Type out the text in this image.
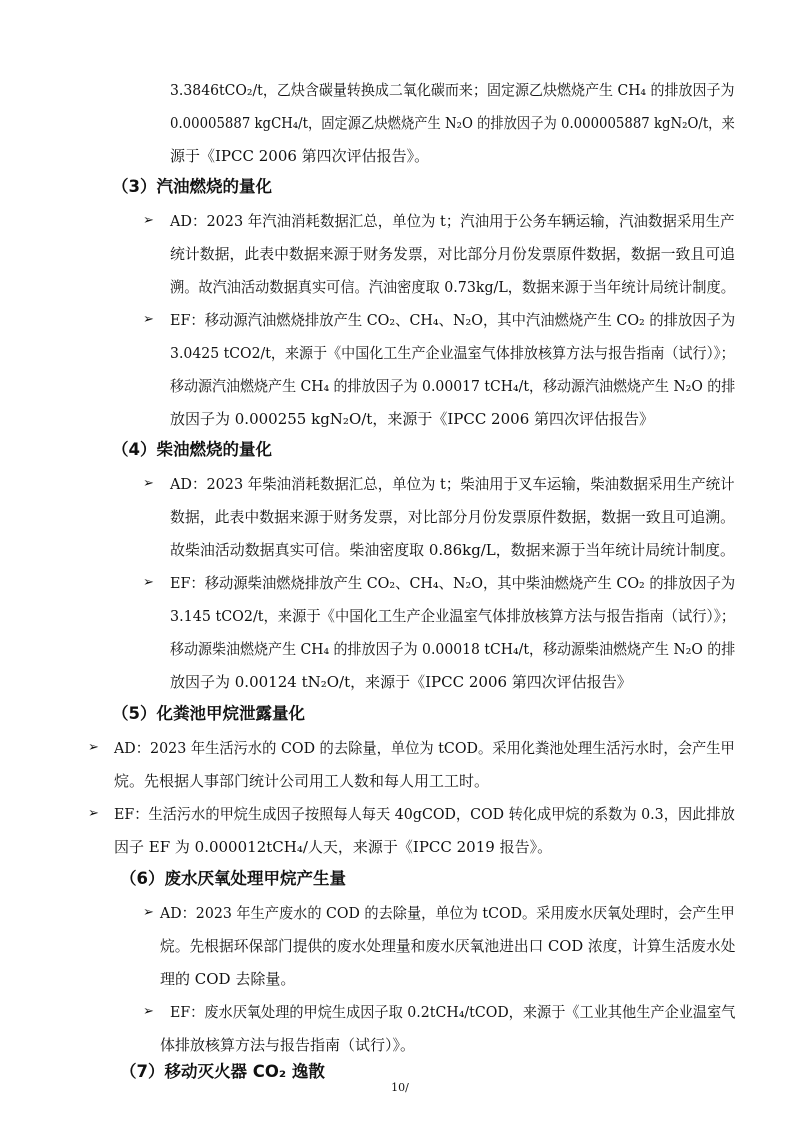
3.3846tCO₂/t，乙炔含碳量转换成二氧化碳而来；固定源乙炔燃烧产生 CH₄ 的排放因子为

0.00005887 kgCH₄/t，固定源乙炔燃烧产生 N₂O 的排放因子为 0.000005887 kgN₂O/t，来

源于《IPCC 2006 第四次评估报告》。

（3）汽油燃烧的量化
➢ AD：2023 年汽油消耗数据汇总，单位为 t；汽油用于公务车辆运输，汽油数据采用生产

统计数据，此表中数据来源于财务发票，对比部分月份发票原件数据，数据一致且可追

溯。故汽油活动数据真实可信。汽油密度取 0.73kg/L，数据来源于当年统计局统计制度。

➢ EF：移动源汽油燃烧排放产生 CO₂、CH₄、N₂O，其中汽油燃烧产生 CO₂ 的排放因子为

3.0425 tCO2/t，来源于《中国化工生产企业温室气体排放核算方法与报告指南（试行）》；

移动源汽油燃烧产生 CH₄ 的排放因子为 0.00017 tCH₄/t，移动源汽油燃烧产生 N₂O 的排

放因子为 0.000255 kgN₂O/t，来源于《IPCC 2006 第四次评估报告》

（4）柴油燃烧的量化
➢ AD：2023 年柴油消耗数据汇总，单位为 t；柴油用于叉车运输，柴油数据采用生产统计

数据，此表中数据来源于财务发票，对比部分月份发票原件数据，数据一致且可追溯。

故柴油活动数据真实可信。柴油密度取 0.86kg/L，数据来源于当年统计局统计制度。

➢ EF：移动源柴油燃烧排放产生 CO₂、CH₄、N₂O，其中柴油燃烧产生 CO₂ 的排放因子为

3.145 tCO2/t，来源于《中国化工生产企业温室气体排放核算方法与报告指南（试行）》；

移动源柴油燃烧产生 CH₄ 的排放因子为 0.00018 tCH₄/t，移动源柴油燃烧产生 N₂O 的排

放因子为 0.00124 tN₂O/t，来源于《IPCC 2006 第四次评估报告》

（5）化粪池甲烷泄露量化
➢ AD：2023 年生活污水的 COD 的去除量，单位为 tCOD。采用化粪池处理生活污水时，会产生甲

烷。先根据人事部门统计公司用工人数和每人用工工时。

➢ EF：生活污水的甲烷生成因子按照每人每天 40gCOD，COD 转化成甲烷的系数为 0.3，因此排放

因子 EF 为 0.000012tCH₄/人天，来源于《IPCC 2019 报告》。

（6）废水厌氧处理甲烷产生量
➢ AD：2023 年生产废水的 COD 的去除量，单位为 tCOD。采用废水厌氧处理时，会产生甲

烷。先根据环保部门提供的废水处理量和废水厌氧池进出口 COD 浓度，计算生活废水处

理的 COD 去除量。

➢ EF：废水厌氧处理的甲烷生成因子取 0.2tCH₄/tCOD，来源于《工业其他生产企业温室气

体排放核算方法与报告指南（试行）》。

（7）移动灭火器 CO₂ 逸散
10/
